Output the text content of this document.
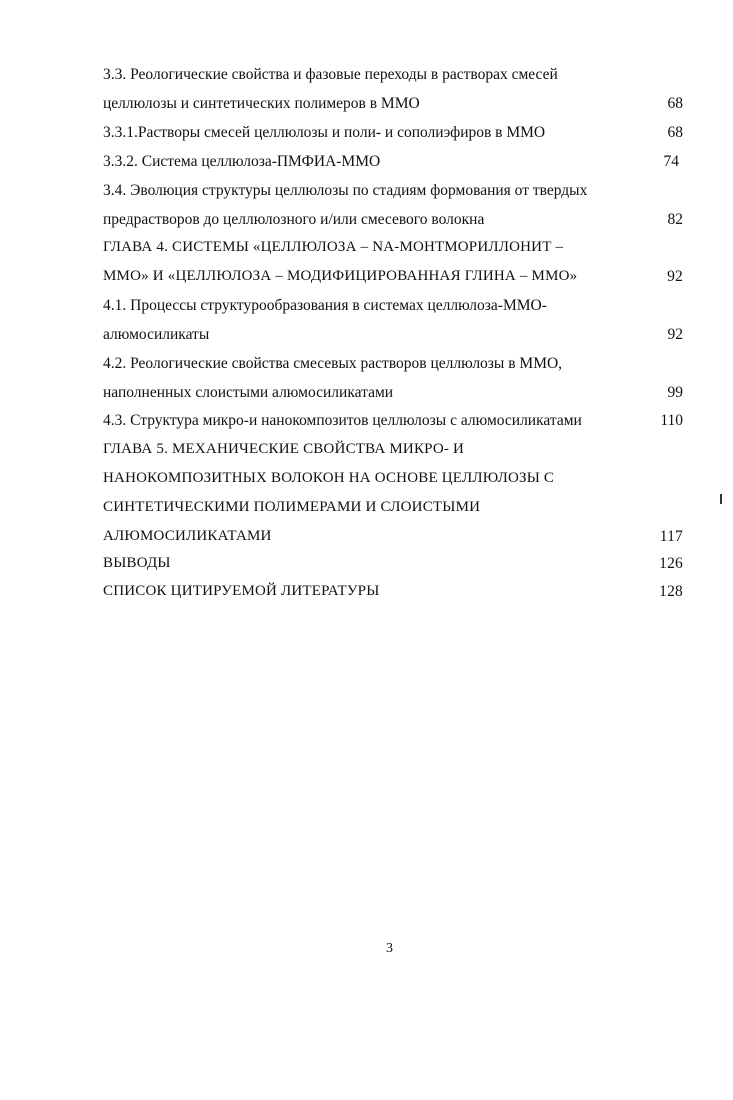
3.3. Реологические свойства и фазовые переходы в растворах смесей
целлюлозы и синтетических полимеров в ММО	68
3.3.1.Растворы смесей целлюлозы и поли- и сополиэфиров в ММО	68
3.3.2. Система целлюлоза-ПМФИА-ММО	74
3.4. Эволюция структуры целлюлозы по стадиям формования от твердых
предрастворов до целлюлозного и/или смесевого волокна	82
ГЛАВА 4. СИСТЕМЫ «ЦЕЛЛЮЛОЗА – NA-МОНТМОРИЛЛОНИТ –
ММО» И «ЦЕЛЛЮЛОЗА – МОДИФИЦИРОВАННАЯ ГЛИНА – ММО»	92
4.1. Процессы структурообразования в системах целлюлоза-ММО-
алюмосиликаты	92
4.2. Реологические свойства смесевых растворов целлюлозы в ММО,
наполненных слоистыми алюмосиликатами	99
4.3. Структура микро-и нанокомпозитов целлюлозы с алюмосиликатами	110
ГЛАВА 5. МЕХАНИЧЕСКИЕ СВОЙСТВА МИКРО- И
НАНОКОМПОЗИТНЫХ ВОЛОКОН НА ОСНОВЕ ЦЕЛЛЮЛОЗЫ С
СИНТЕТИЧЕСКИМИ ПОЛИМЕРАМИ И СЛОИСТЫМИ
АЛЮМОСИЛИКАТАМИ	117
ВЫВОДЫ	126
СПИСОК ЦИТИРУЕМОЙ ЛИТЕРАТУРЫ	128
3
